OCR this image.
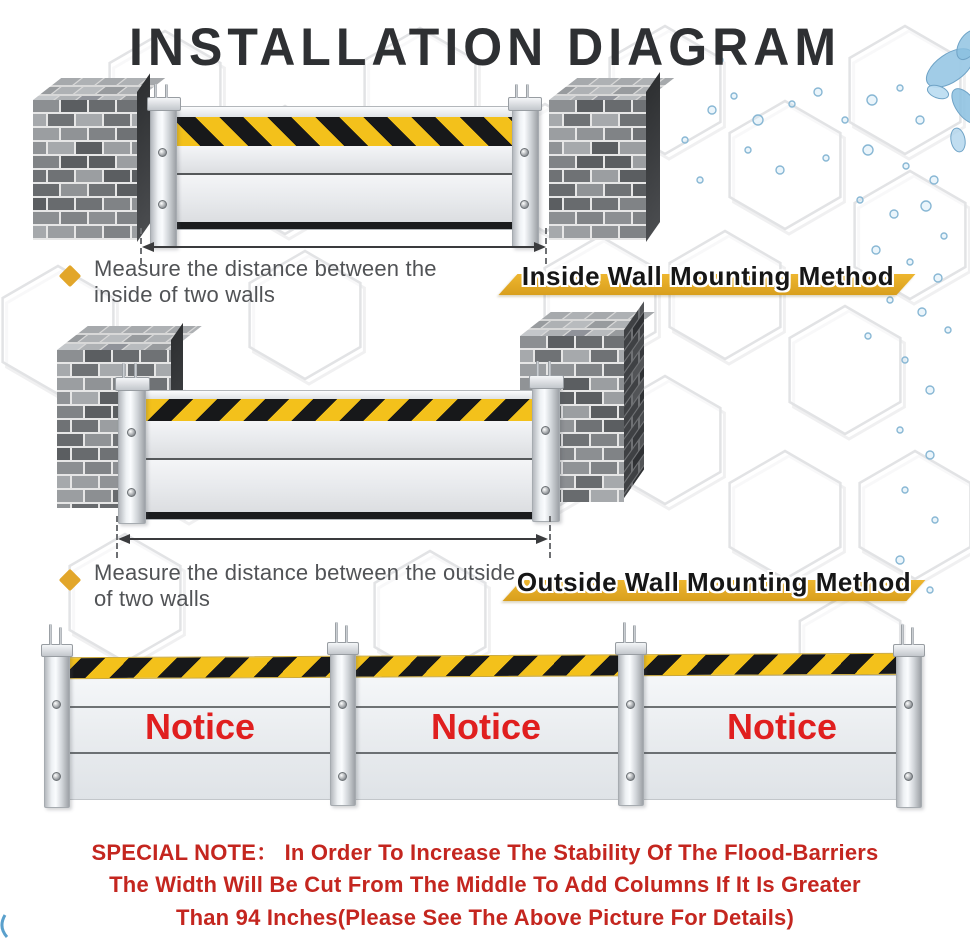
INSTALLATION DIAGRAM
Measure the distance between the inside of two walls
Inside Wall Mounting Method
Measure the distance between the outside of two walls
Outside Wall Mounting Method
Notice	Notice	Notice
SPECIAL NOTE： In Order To Increase The Stability Of The Flood-Barriers
The Width Will Be Cut From The Middle To Add Columns If It Is Greater
Than 94 Inches(Please See The Above Picture For Details)
